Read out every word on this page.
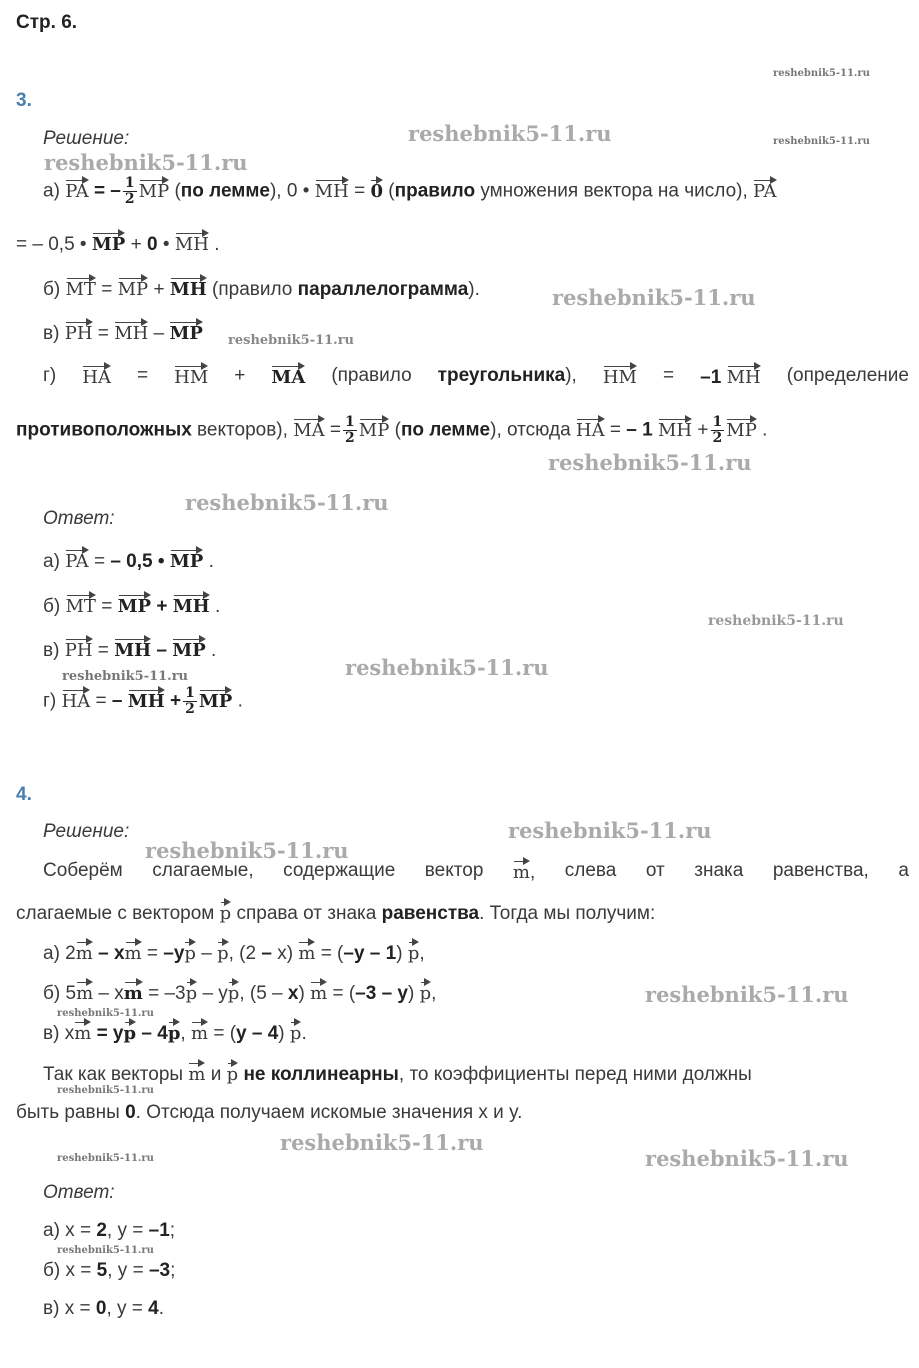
Стр. 6.
reshebnik5-11.ru
reshebnik5-11.ru	reshebnik5-11.ru
reshebnik5-11.ru
reshebnik5-11.ru
reshebnik5-11.ru
reshebnik5-11.ru
reshebnik5-11.ru
reshebnik5-11.ru
reshebnik5-11.ru
reshebnik5-11.ru
reshebnik5-11.ru
reshebnik5-11.ru
reshebnik5-11.ru
reshebnik5-11.ru
reshebnik5-11.ru
reshebnik5-11.ru
reshebnik5-11.ru	reshebnik5-11.ru
reshebnik5-11.ru
3.
Решение:
а) PA = – $\frac{1}{2}$ MP (по лемме), 0 • MH = 0 (правило умножения вектора на число), PA
= – 0,5 • MP + 0 • MH .
б) MT = MP + MH (правило параллелограмма).
в) PH = MH – MP
г) HA = HM + MA (правило треугольника), HM = –1 MH (определение
противоположных векторов), MA = $\frac{1}{2}$ MP (по лемме), отсюда HA = – 1 MH + $\frac{1}{2}$ MP .
Ответ:
а) PA = – 0,5 • MP .
б) MT = MP + MH .
в) PH = MH – MP .
г) HA = – MH + $\frac{1}{2}$ MP .
4.
Решение:
Соберём слагаемые, содержащие вектор m, слева от знака равенства, а
слагаемые с вектором p справа от знака равенства. Тогда мы получим:
а) 2m – xm = –yp – p, (2 – x) m = (–y – 1) p,
б) 5m – xm = –3p – yp, (5 – x) m = (–3 – y) p,
в) xm = yp – 4p, m = (y – 4) p.
Так как векторы m и p не коллинеарны, то коэффициенты перед ними должны
быть равны 0. Отсюда получаем искомые значения x и y.
Ответ:
а) x = 2, y = –1;
б) x = 5, y = –3;
в) x = 0, y = 4.
